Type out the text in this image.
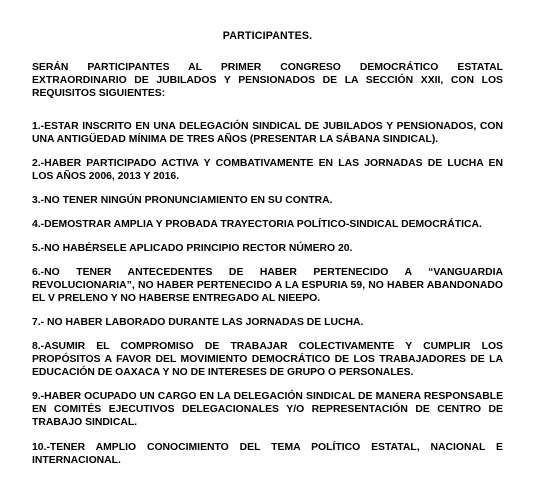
PARTICIPANTES.

SERÁN PARTICIPANTES AL PRIMER CONGRESO DEMOCRÁTICO ESTATAL EXTRAORDINARIO DE JUBILADOS Y PENSIONADOS DE LA SECCIÓN XXII, CON LOS REQUISITOS SIGUIENTES:

1.-ESTAR INSCRITO EN UNA DELEGACIÓN SINDICAL DE JUBILADOS Y PENSIONADOS, CON UNA ANTIGÜEDAD MÍNIMA DE TRES AÑOS (PRESENTAR LA SÁBANA SINDICAL).

2.-HABER PARTICIPADO ACTIVA Y COMBATIVAMENTE EN LAS JORNADAS DE LUCHA EN LOS AÑOS 2006, 2013 Y 2016.

3.-NO TENER NINGÚN PRONUNCIAMIENTO EN SU CONTRA.

4.-DEMOSTRAR AMPLIA Y PROBADA TRAYECTORIA POLÍTICO-SINDICAL DEMOCRÁTICA.

5.-NO HABÉRSELE APLICADO PRINCIPIO RECTOR NÚMERO 20.

6.-NO TENER ANTECEDENTES DE HABER PERTENECIDO A “VANGUARDIA REVOLUCIONARIA”, NO HABER PERTENECIDO A LA ESPURIA 59, NO HABER ABANDONADO EL V PRELENO Y NO HABERSE ENTREGADO AL NIEEPO.

7.- NO HABER LABORADO DURANTE LAS JORNADAS DE LUCHA.

8.-ASUMIR EL COMPROMISO DE TRABAJAR COLECTIVAMENTE Y CUMPLIR LOS PROPÓSITOS A FAVOR DEL MOVIMIENTO DEMOCRÁTICO DE LOS TRABAJADORES DE LA EDUCACIÓN DE OAXACA Y NO DE INTERESES DE GRUPO O PERSONALES.

9.-HABER OCUPADO UN CARGO EN LA DELEGACIÓN SINDICAL DE MANERA RESPONSABLE EN COMITÉS EJECUTIVOS DELEGACIONALES Y/O REPRESENTACIÓN DE CENTRO DE TRABAJO SINDICAL.

10.-TENER AMPLIO CONOCIMIENTO DEL TEMA POLÍTICO ESTATAL, NACIONAL E INTERNACIONAL.
